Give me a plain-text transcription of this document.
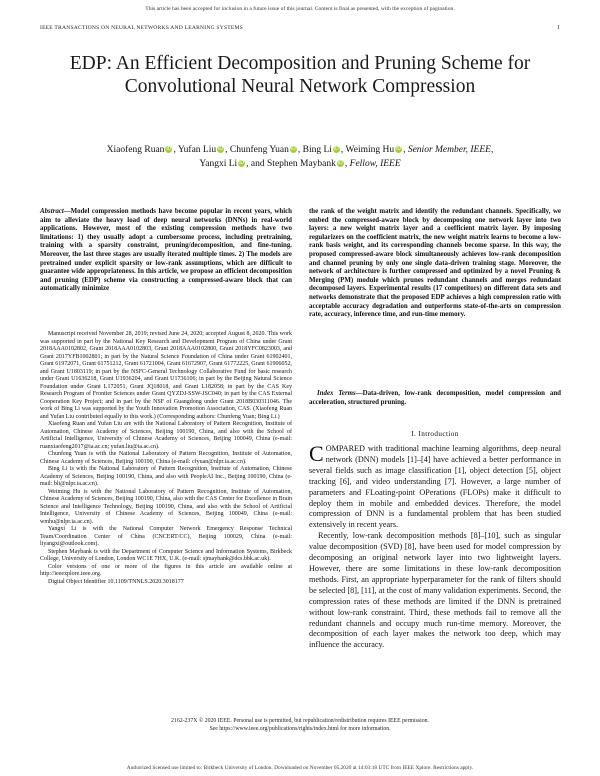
This article has been accepted for inclusion in a future issue of this journal. Content is final as presented, with the exception of pagination.
IEEE TRANSACTIONS ON NEURAL NETWORKS AND LEARNING SYSTEMS	1
EDP: An Efficient Decomposition and Pruning Scheme for Convolutional Neural Network Compression
Xiaofeng Ruan iD , Yufan Liu iD , Chunfeng Yuan iD , Bing Li iD , Weiming Hu iD , Senior Member, IEEE,
Yangxi Li iD , and Stephen Maybank iD , Fellow, IEEE
Abstract—Model compression methods have become popular in recent years, which aim to alleviate the heavy load of deep neural networks (DNNs) in real-world applications. However, most of the existing compression methods have two limitations: 1) they usually adopt a cumbersome process, including pretraining, training with a sparsity constraint, pruning/decomposition, and fine-tuning. Moreover, the last three stages are usually iterated multiple times. 2) The models are pretrained under explicit sparsity or low-rank assumptions, which are difficult to guarantee wide appropriateness. In this article, we propose an efficient decomposition and pruning (EDP) scheme via constructing a compressed-aware block that can automatically minimize

Manuscript received November 28, 2019; revised June 24, 2020; accepted August 8, 2020. This work was supported in part by the National Key Research and Development Program of China under Grant 2018AAA0102802, Grant 2018AAA0102803, Grant 2018AAA0102800, Grant 2018YFC0823003, and Grant 2017YFB1002801; in part by the Natural Science Foundation of China under Grant 61902401, Grant 61972071, Grant 61751212, Grant 61721004, Grant 61672907, Grant 61772225, Grant 61906052, and Grant U1803119; in part by the NSFC-General Technology Collaborative Fund for basic research under Grant U1636218, Grant U1936204, and Grant U1736106; in part by the Beijing Natural Science Foundation under Grant L172051, Grant JQ18018, and Grant L182058; in part by the CAS Key Research Program of Frontier Sciences under Grant QYZDJ-SSW-JSC040; in part by the CAS External Cooperation Key Project; and in part by the NSF of Guangdong under Grant 2018B030311046. The work of Bing Li was supported by the Youth Innovation Promotion Association, CAS. (Xiaofeng Ruan and Yufan Liu contributed equally to this work.) (Corresponding authors: Chunfeng Yuan; Bing Li.)

Xiaofeng Ruan and Yufan Liu are with the National Laboratory of Pattern Recognition, Institute of Automation, Chinese Academy of Sciences, Beijing 100190, China, and also with the School of Artificial Intelligence, University of Chinese Academy of Sciences, Beijing 100049, China (e-mail: ruanxiaofeng2017@ia.ac.cn; yufan.liu@ia.ac.cn).

Chunfeng Yuan is with the National Laboratory of Pattern Recognition, Institute of Automation, Chinese Academy of Sciences, Beijing 100190, China (e-mail: cfyuan@nlpr.ia.ac.cn).

Bing Li is with the National Laboratory of Pattern Recognition, Institute of Automation, Chinese Academy of Sciences, Beijing 100190, China, and also with PeopleAI Inc., Beijing 100190, China (e-mail: bli@nlpr.ia.ac.cn).

Weiming Hu is with the National Laboratory of Pattern Recognition, Institute of Automation, Chinese Academy of Sciences, Beijing 100190, China, also with the CAS Center for Excellence in Brain Science and Intelligence Technology, Beijing 100190, China, and also with the School of Artificial Intelligence, University of Chinese Academy of Sciences, Beijing 100049, China (e-mail: wmhu@nlpr.ia.ac.cn).

Yangxi Li is with the National Computer Network Emergency Response Technical Team/Coordination Center of China (CNCERT/CC), Beijing 100029, China (e-mail: liyangxi@outlook.com).

Stephen Maybank is with the Department of Computer Science and Information Systems, Birkbeck College, University of London, London WC1E 7HX, U.K. (e-mail: sjmaybank@dcs.bbk.ac.uk).

Color versions of one or more of the figures in this article are available online at http://ieeexplore.ieee.org.

Digital Object Identifier 10.1109/TNNLS.2020.3018177

the rank of the weight matrix and identify the redundant channels. Specifically, we embed the compressed-aware block by decomposing one network layer into two layers: a new weight matrix layer and a coefficient matrix layer. By imposing regularizers on the coefficient matrix, the new weight matrix learns to become a low-rank basis weight, and its corresponding channels become sparse. In this way, the proposed compressed-aware block simultaneously achieves low-rank decomposition and channel pruning by only one single data-driven training stage. Moreover, the network of architecture is further compressed and optimized by a novel Pruning & Merging (PM) module which prunes redundant channels and merges redundant decomposed layers. Experimental results (17 competitors) on different data sets and networks demonstrate that the proposed EDP achieves a high compression ratio with acceptable accuracy degradation and outperforms state-of-the-arts on compression rate, accuracy, inference time, and run-time memory.
Index Terms—Data-driven, low-rank decomposition, model compression and acceleration, structured pruning.
I. Introduction

COMPARED with traditional machine learning algorithms, deep neural network (DNN) models [1]–[4] have achieved a better performance in several fields such as image classification [1], object detection [5], object tracking [6], and video understanding [7]. However, a large number of parameters and FLoating-point OPerations (FLOPs) make it difficult to deploy them in mobile and embedded devices. Therefore, the model compression of DNN is a fundamental problem that has been studied extensively in recent years.

Recently, low-rank decomposition methods [8]–[10], such as singular value decomposition (SVD) [8], have been used for model compression by decomposing an original network layer into two lightweight layers. However, there are some limitations in these low-rank decomposition methods. First, an appropriate hyperparameter for the rank of filters should be selected [8], [11], at the cost of many validation experiments. Second, the compression rates of these methods are limited if the DNN is pretrained without low-rank constraint. Third, these methods fail to remove all the redundant channels and occupy much run-time memory. Moreover, the decomposition of each layer makes the network too deep, which may influence the accuracy.

2162-237X © 2020 IEEE. Personal use is permitted, but republication/redistribution requires IEEE permission.
See https://www.ieee.org/publications/rights/index.html for more information.
Authorized licensed use limited to: Birkbeck University of London. Downloaded on November 05,2020 at 14:03:18 UTC from IEEE Xplore. Restrictions apply.
